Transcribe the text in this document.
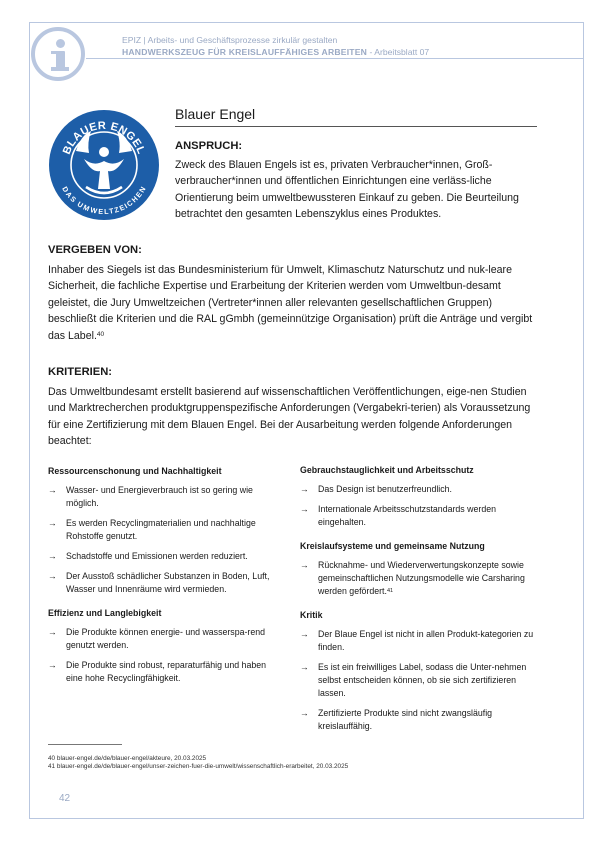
EPIZ | Arbeits- und Geschäftsprozesse zirkulär gestalten
HANDWERKSZEUG FÜR KREISLAUFFÄHIGES ARBEITEN - Arbeitsblatt 07
BLAUER ENGEL
DAS UMWELTZEICHEN
Blauer Engel
ANSPRUCH:
Zweck des Blauen Engels ist es, privaten Verbraucher*innen, Groß-verbraucher*innen und öffentlichen Einrichtungen eine verläss-liche Orientierung beim umweltbewussteren Einkauf zu geben. Die Beurteilung betrachtet den gesamten Lebenszyklus eines Produktes.
VERGEBEN VON:
Inhaber des Siegels ist das Bundesministerium für Umwelt, Klimaschutz Naturschutz und nuk-leare Sicherheit, die fachliche Expertise und Erarbeitung der Kriterien werden vom Umweltbun-desamt geleistet, die Jury Umweltzeichen (Vertreter*innen aller relevanten gesellschaftlichen Gruppen) beschließt die Kriterien und die RAL gGmbh (gemeinnützige Organisation) prüft die Anträge und vergibt das Label.$^{40}$
KRITERIEN:
Das Umweltbundesamt erstellt basierend auf wissenschaftlichen Veröffentlichungen, eige-nen Studien und Marktrecherchen produktgruppenspezifische Anforderungen (Vergabekri-terien) als Voraussetzung für eine Zertifizierung mit dem Blauen Engel. Bei der Ausarbeitung werden folgende Anforderungen beachtet:
Ressourcenschonung und Nachhaltigkeit
→ Wasser- und Energieverbrauch ist so gering wie möglich.
→ Es werden Recyclingmaterialien und nachhaltige Rohstoffe genutzt.
→ Schadstoffe und Emissionen werden reduziert.
→ Der Ausstoß schädlicher Substanzen in Boden, Luft, Wasser und Innenräume wird vermieden.
Effizienz und Langlebigkeit
→ Die Produkte können energie- und wasserspa-rend genutzt werden.
→ Die Produkte sind robust, reparaturfähig und haben eine hohe Recyclingfähigkeit.
Gebrauchstauglichkeit und Arbeitsschutz
→ Das Design ist benutzerfreundlich.
→ Internationale Arbeitsschutzstandards werden eingehalten.
Kreislaufsysteme und gemeinsame Nutzung
→ Rücknahme- und Wiederverwertungskonzepte sowie gemeinschaftlichen Nutzungsmodelle wie Carsharing werden gefördert.$^{41}$
Kritik
→ Der Blaue Engel ist nicht in allen Produkt-kategorien zu finden.
→ Es ist ein freiwilliges Label, sodass die Unter-nehmen selbst entscheiden können, ob sie sich zertifizieren lassen.
→ Zertifizierte Produkte sind nicht zwangsläufig kreislauffähig.
40 blauer-engel.de/de/blauer-engel/akteure, 20.03.2025
41 blauer-engel.de/de/blauer-engel/unser-zeichen-fuer-die-umwelt/wissenschaftlich-erarbeitet, 20.03.2025
42
